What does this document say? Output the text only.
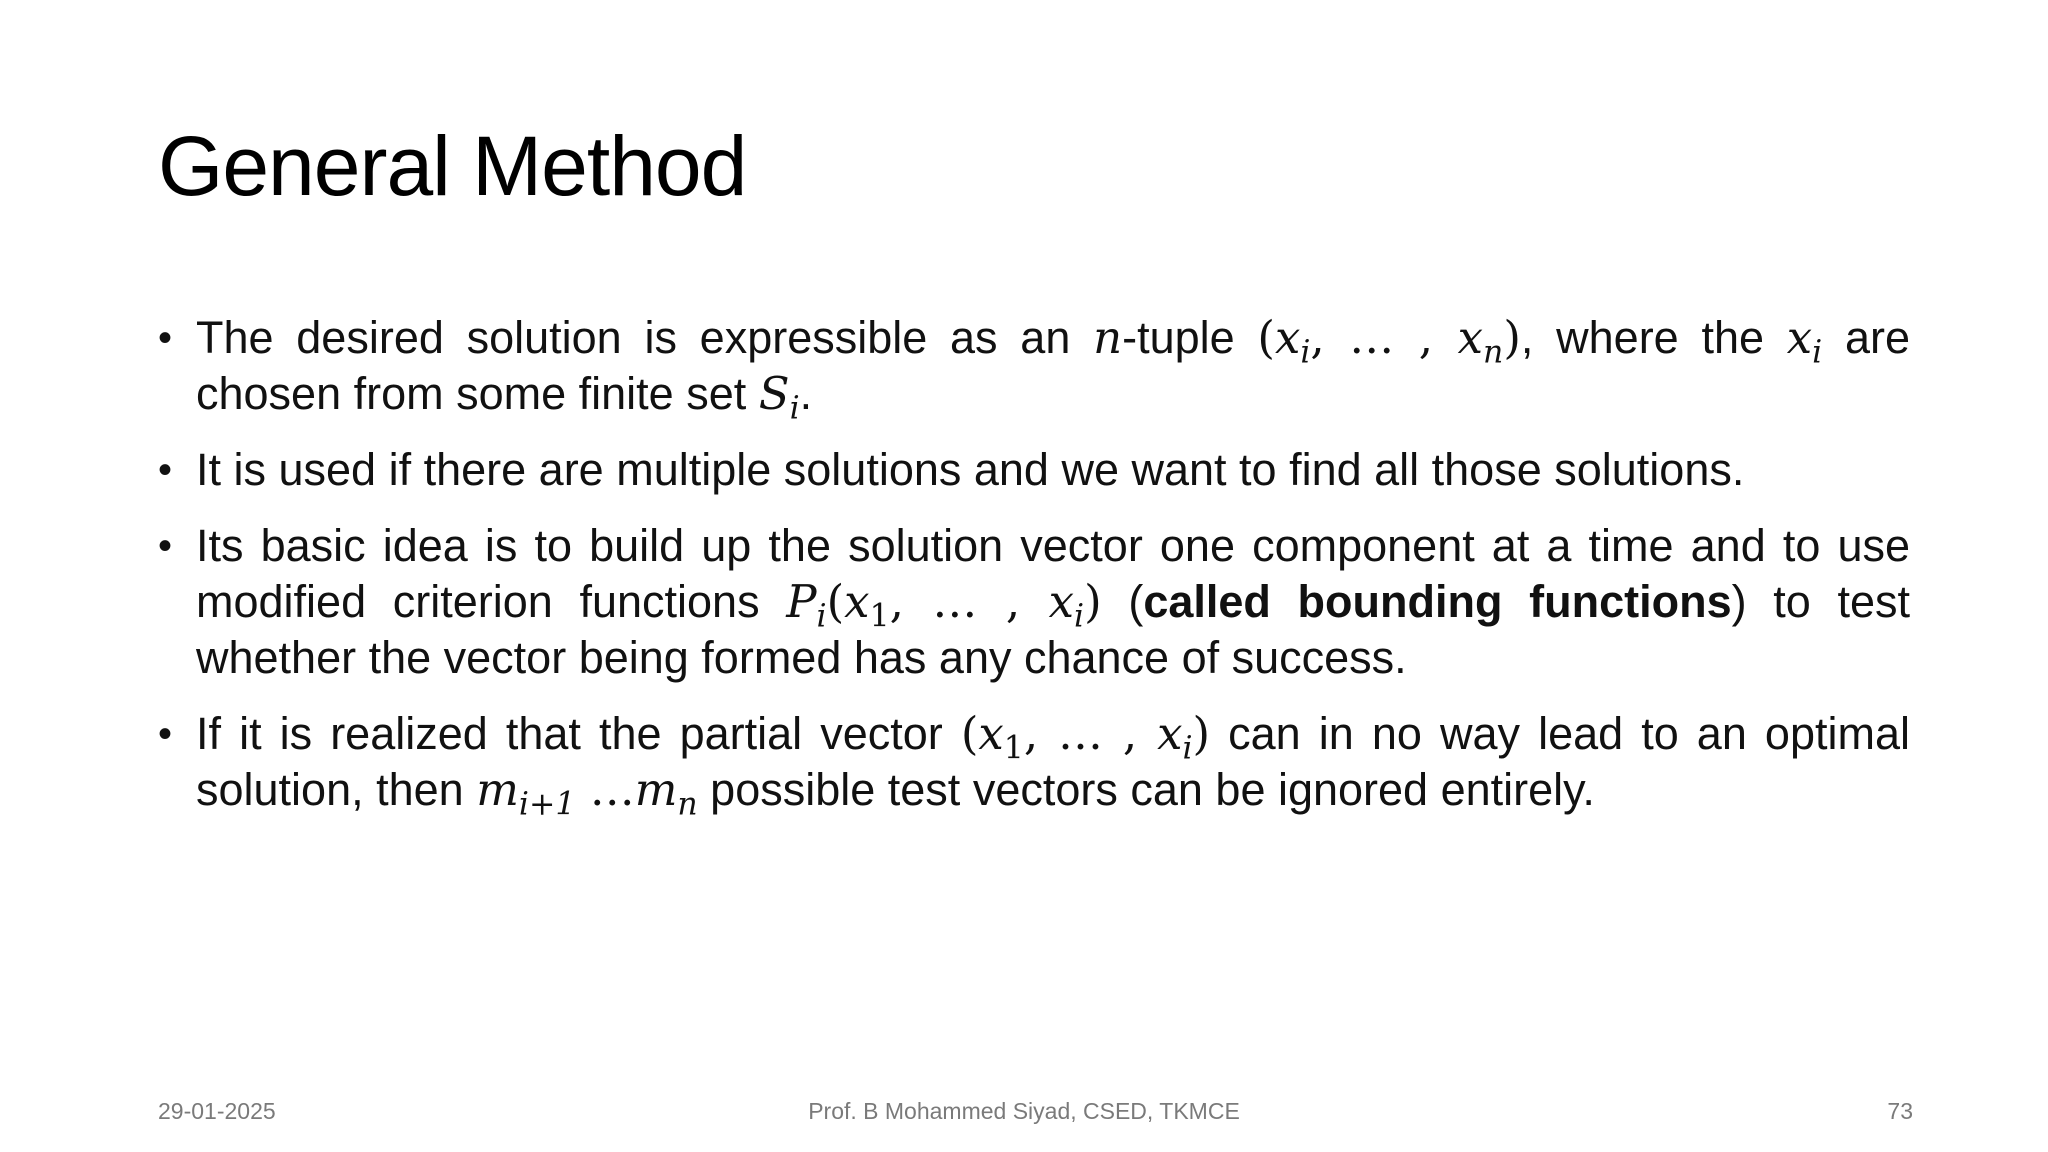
General Method
• The desired solution is expressible as an n-tuple ($x_i$, … , $x_n$), where the $x_i$ are chosen from some finite set $S_i$.
• It is used if there are multiple solutions and we want to find all those solutions.
• Its basic idea is to build up the solution vector one component at a time and to use modified criterion functions $P_i(x_1$, … , $x_i$) (called bounding functions) to test whether the vector being formed has any chance of success.
• If it is realized that the partial vector ($x_1$, … , $x_i$) can in no way lead to an optimal solution, then $m_{i+1}$ $\dots m_n$ possible test vectors can be ignored entirely.
29-01-2025	Prof. B Mohammed Siyad, CSED, TKMCE	73
